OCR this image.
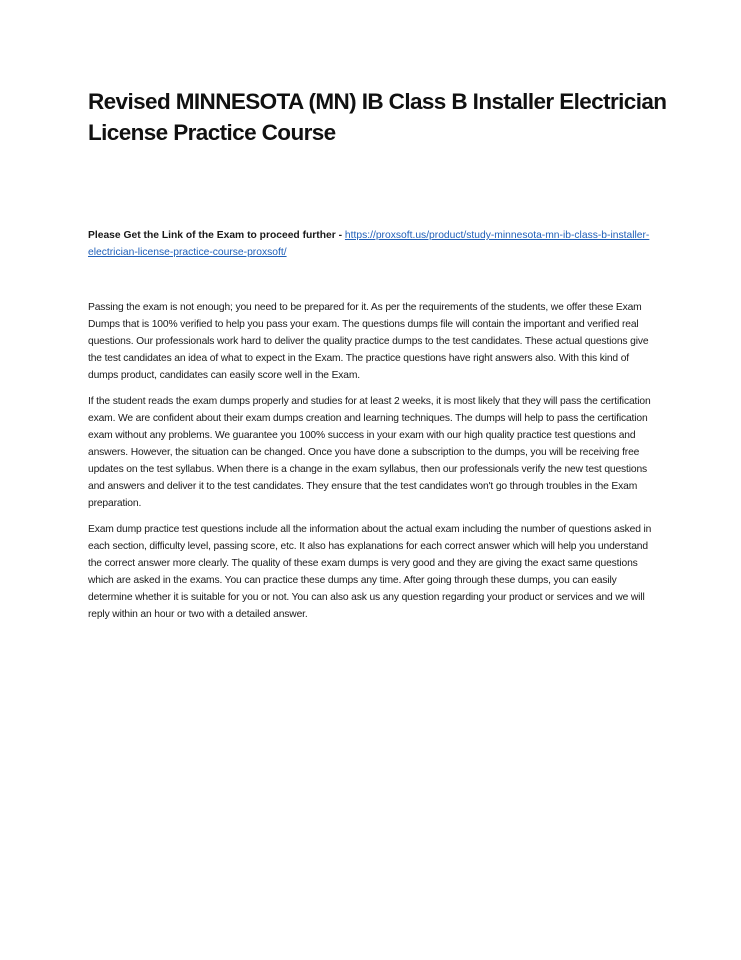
Revised MINNESOTA (MN) IB Class B Installer Electrician License Practice Course

Please Get the Link of the Exam to proceed further - https://proxsoft.us/product/study-minnesota-mn-ib-class-b-installer-electrician-license-practice-course-proxsoft/

Passing the exam is not enough; you need to be prepared for it. As per the requirements of the students, we offer these Exam Dumps that is 100% verified to help you pass your exam. The questions dumps file will contain the important and verified real questions. Our professionals work hard to deliver the quality practice dumps to the test candidates. These actual questions give the test candidates an idea of what to expect in the Exam. The practice questions have right answers also. With this kind of dumps product, candidates can easily score well in the Exam.

If the student reads the exam dumps properly and studies for at least 2 weeks, it is most likely that they will pass the certification exam. We are confident about their exam dumps creation and learning techniques. The dumps will help to pass the certification exam without any problems. We guarantee you 100% success in your exam with our high quality practice test questions and answers. However, the situation can be changed. Once you have done a subscription to the dumps, you will be receiving free updates on the test syllabus. When there is a change in the exam syllabus, then our professionals verify the new test questions and answers and deliver it to the test candidates. They ensure that the test candidates won't go through troubles in the Exam preparation.

Exam dump practice test questions include all the information about the actual exam including the number of questions asked in each section, difficulty level, passing score, etc. It also has explanations for each correct answer which will help you understand the correct answer more clearly. The quality of these exam dumps is very good and they are giving the exact same questions which are asked in the exams. You can practice these dumps any time. After going through these dumps, you can easily determine whether it is suitable for you or not. You can also ask us any question regarding your product or services and we will reply within an hour or two with a detailed answer.
